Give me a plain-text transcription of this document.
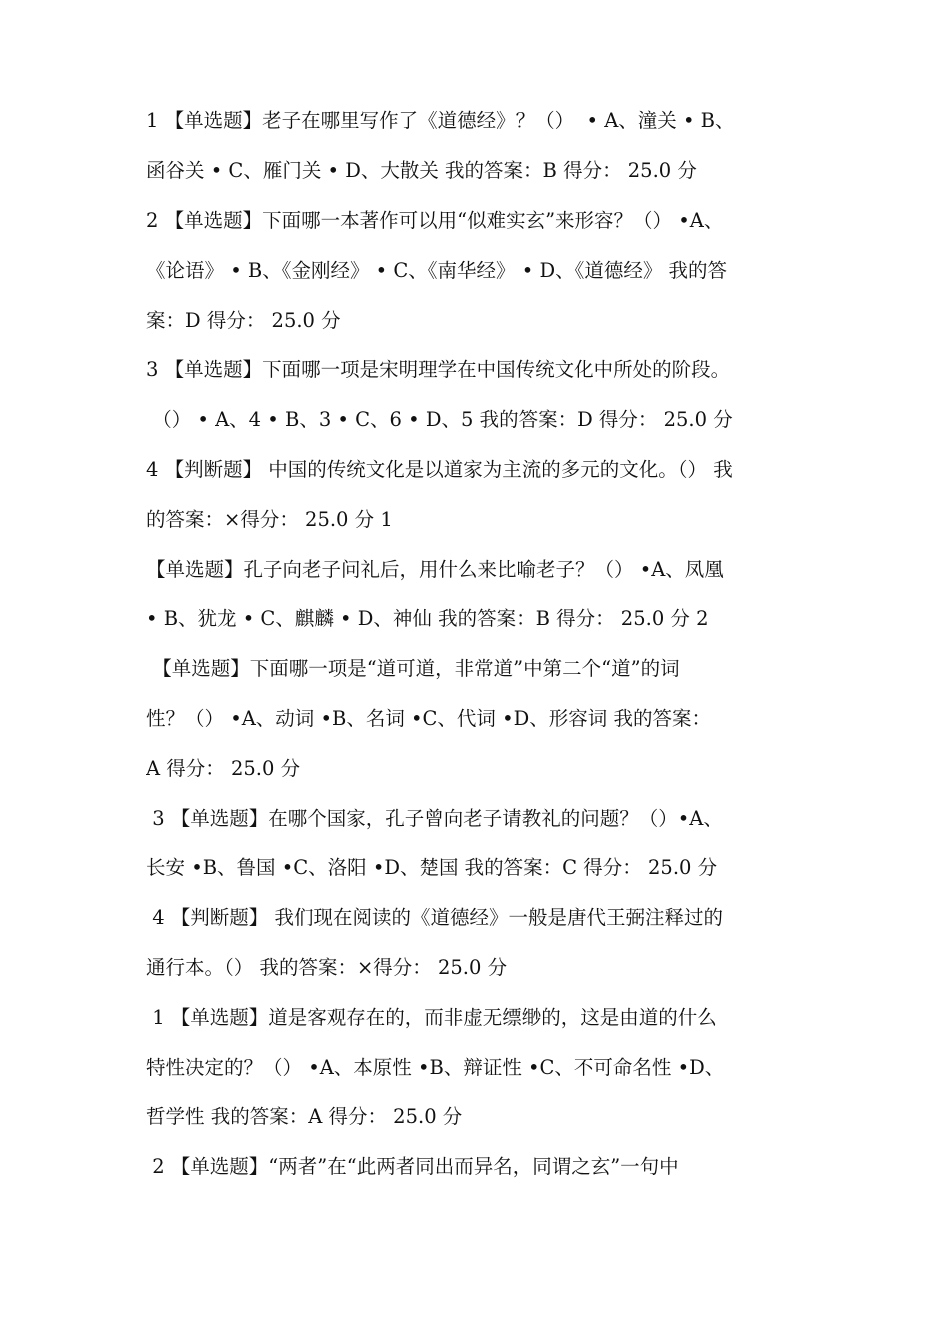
1 【单选题】老子在哪里写作了《道德经》？（）  • A、潼关 • B、
函谷关 • C、雁门关 • D、大散关 我的答案：B 得分： 25.0 分
2 【单选题】下面哪一本著作可以用“似难实玄”来形容？（） •A、
《论语》 • B、《金刚经》 • C、《南华经》 • D、《道德经》 我的答
案：D 得分： 25.0 分
3 【单选题】下面哪一项是宋明理学在中国传统文化中所处的阶段。
（） • A、4 • B、3 • C、6 • D、5 我的答案：D 得分： 25.0 分
4 【判断题】 中国的传统文化是以道家为主流的多元的文化。（） 我
的答案：×得分： 25.0 分 1
【单选题】孔子向老子问礼后，用什么来比喻老子？（） •A、凤凰
• B、犹龙 • C、麒麟 • D、神仙 我的答案：B 得分： 25.0 分 2
【单选题】下面哪一项是“道可道，非常道”中第二个“道”的词
性？（） •A、动词 •B、名词 •C、代词 •D、形容词 我的答案：
A 得分： 25.0 分
3 【单选题】在哪个国家，孔子曾向老子请教礼的问题？（）•A、
长安 •B、鲁国 •C、洛阳 •D、楚国 我的答案：C 得分： 25.0 分
4 【判断题】 我们现在阅读的《道德经》一般是唐代王弼注释过的
通行本。（） 我的答案：×得分： 25.0 分
1 【单选题】道是客观存在的，而非虚无缥缈的，这是由道的什么
特性决定的？（） •A、本原性 •B、辩证性 •C、不可命名性 •D、
哲学性 我的答案：A 得分： 25.0 分
2 【单选题】“两者”在“此两者同出而异名，同谓之玄”一句中
